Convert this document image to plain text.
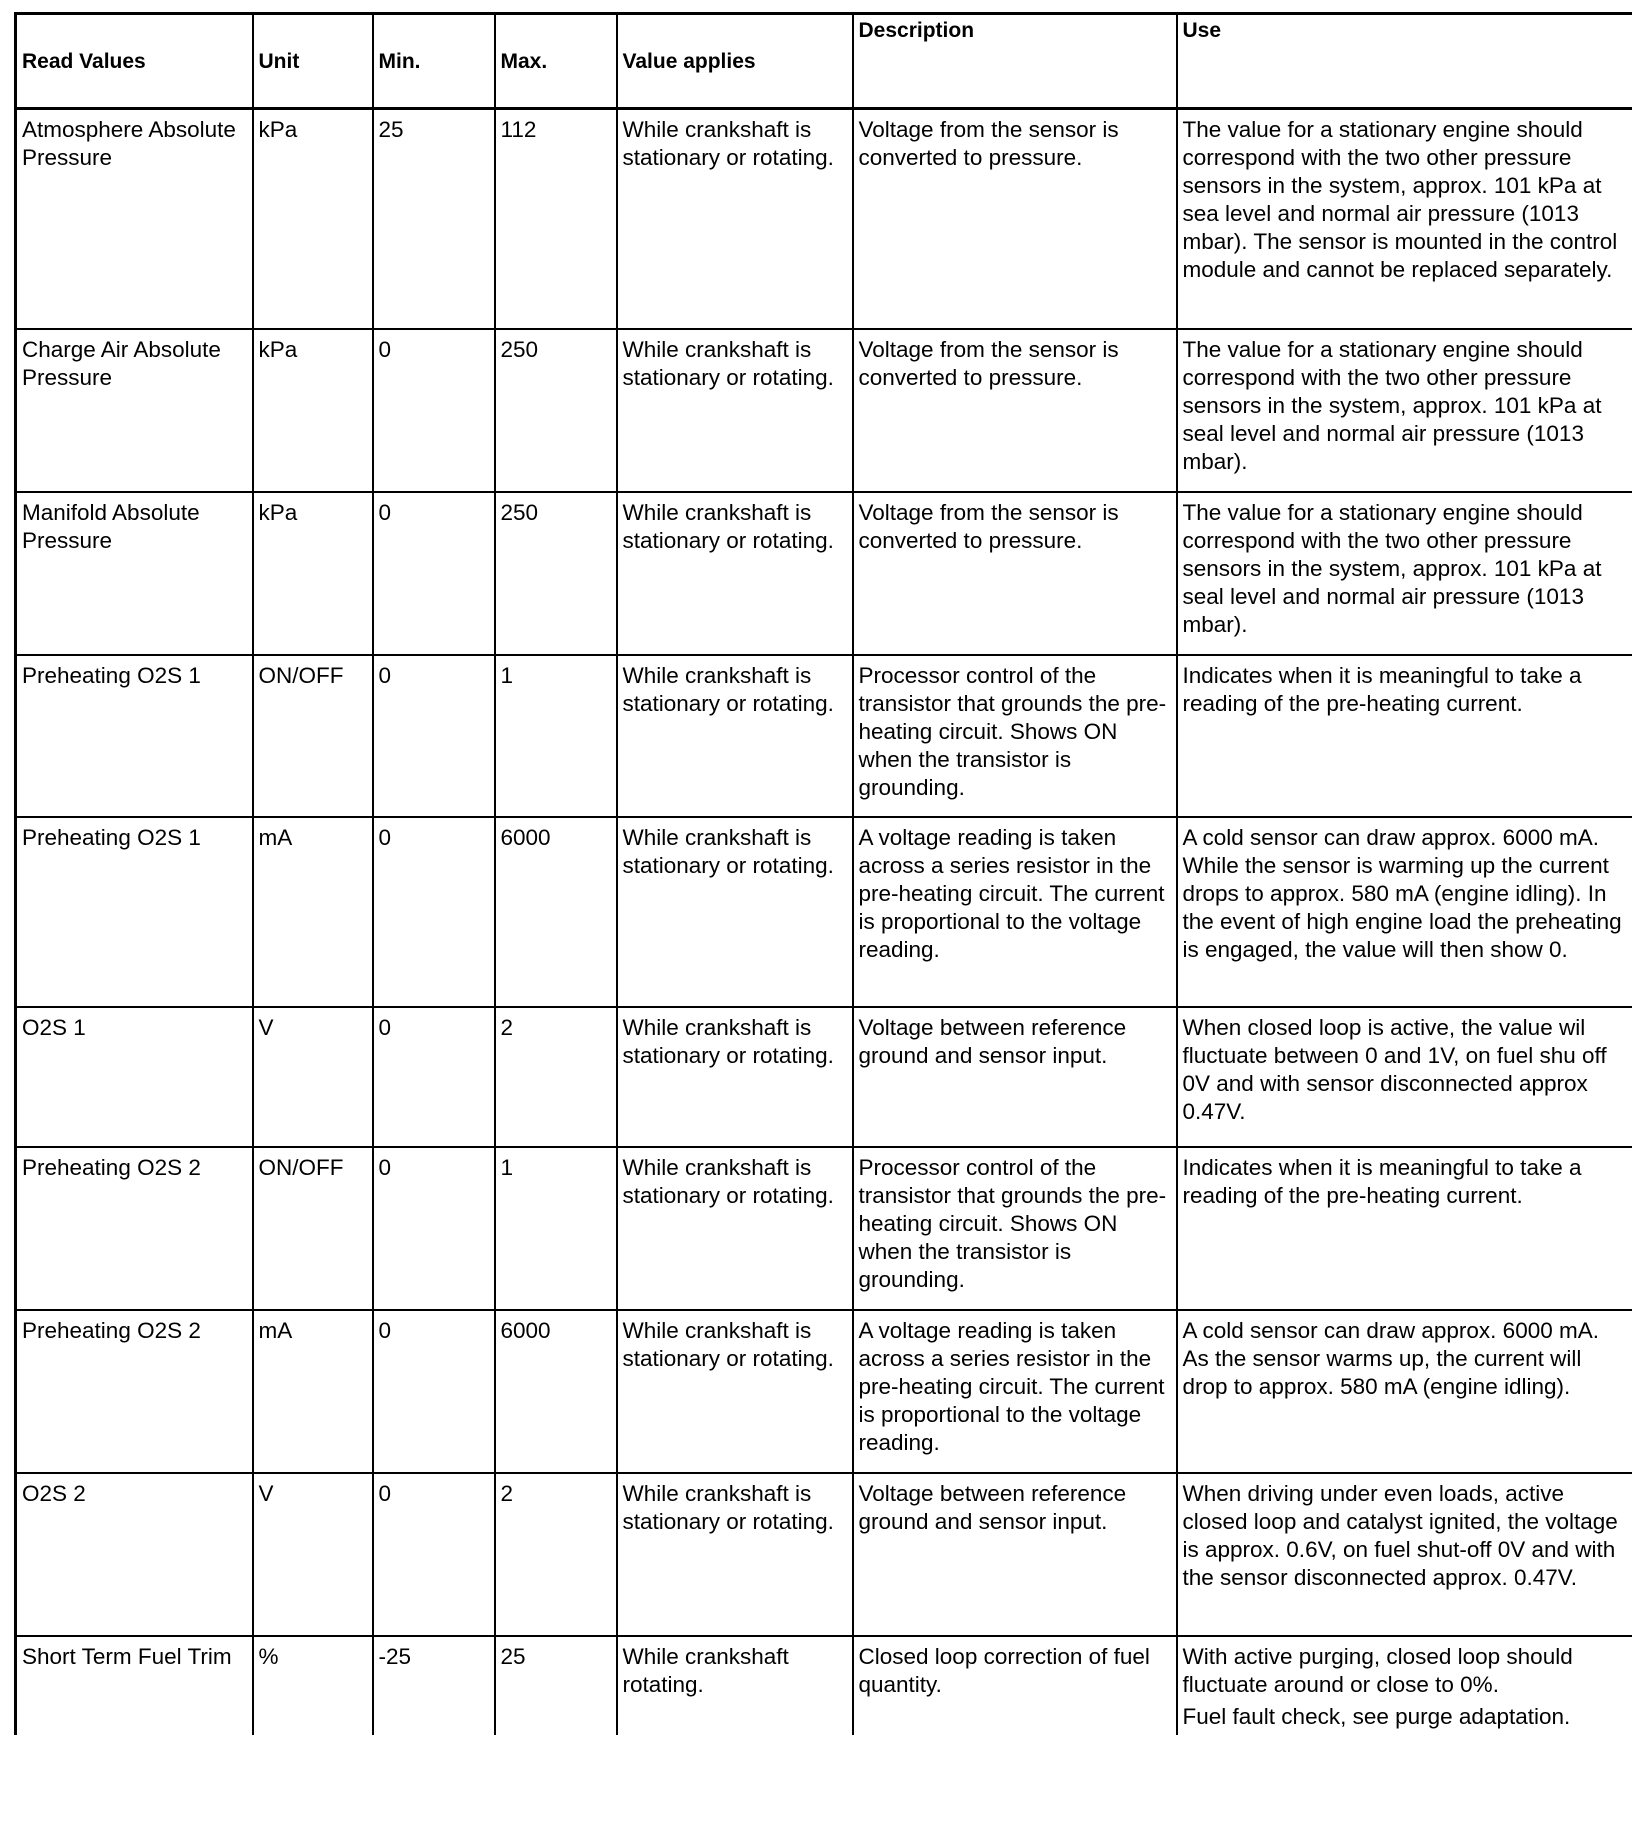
Read Values	Unit	Min.	Max.	Value applies	Description	Use
Atmosphere Absolute Pressure	kPa	25	112	While crankshaft is stationary or rotating.	Voltage from the sensor is converted to pressure.	The value for a stationary engine should correspond with the two other pressure sensors in the system, approx. 101 kPa at sea level and normal air pressure (1013 mbar). The sensor is mounted in the control module and cannot be replaced separately.
Charge Air Absolute Pressure	kPa	0	250	While crankshaft is stationary or rotating.	Voltage from the sensor is converted to pressure.	The value for a stationary engine should correspond with the two other pressure sensors in the system, approx. 101 kPa at seal level and normal air pressure (1013 mbar).
Manifold Absolute Pressure	kPa	0	250	While crankshaft is stationary or rotating.	Voltage from the sensor is converted to pressure.	The value for a stationary engine should correspond with the two other pressure sensors in the system, approx. 101 kPa at seal level and normal air pressure (1013 mbar).
Preheating O2S 1	ON/OFF	0	1	While crankshaft is stationary or rotating.	Processor control of the transistor that grounds the pre-heating circuit. Shows ON when the transistor is grounding.	Indicates when it is meaningful to take a reading of the pre-heating current.
Preheating O2S 1	mA	0	6000	While crankshaft is stationary or rotating.	A voltage reading is taken across a series resistor in the pre-heating circuit. The current is proportional to the voltage reading.	A cold sensor can draw approx. 6000 mA. While the sensor is warming up the current drops to approx. 580 mA (engine idling). In the event of high engine load the preheating is engaged, the value will then show 0.
O2S 1	V	0	2	While crankshaft is stationary or rotating.	Voltage between reference ground and sensor input.	When closed loop is active, the value wil fluctuate between 0 and 1V, on fuel shu off 0V and with sensor disconnected approx 0.47V.
Preheating O2S 2	ON/OFF	0	1	While crankshaft is stationary or rotating.	Processor control of the transistor that grounds the pre-heating circuit. Shows ON when the transistor is grounding.	Indicates when it is meaningful to take a reading of the pre-heating current.
Preheating O2S 2	mA	0	6000	While crankshaft is stationary or rotating.	A voltage reading is taken across a series resistor in the pre-heating circuit. The current is proportional to the voltage reading.	A cold sensor can draw approx. 6000 mA. As the sensor warms up, the current will drop to approx. 580 mA (engine idling).
O2S 2	V	0	2	While crankshaft is stationary or rotating.	Voltage between reference ground and sensor input.	When driving under even loads, active closed loop and catalyst ignited, the voltage is approx. 0.6V, on fuel shut-off 0V and with the sensor disconnected approx. 0.47V.
Short Term Fuel Trim	%	-25	25	While crankshaft rotating.	Closed loop correction of fuel quantity.	With active purging, closed loop should fluctuate around or close to 0%.
Fuel fault check, see purge adaptation.
